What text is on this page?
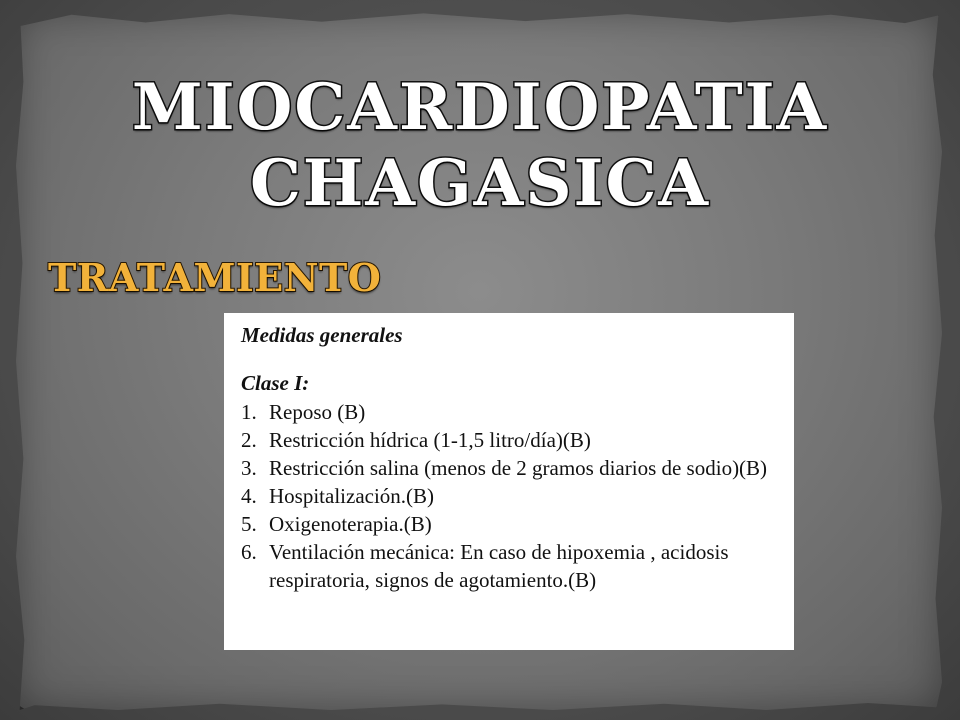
MIOCARDIOPATIA
CHAGASICA
TRATAMIENTO

Medidas generales

Clase I:

1. Reposo (B)
2. Restricción hídrica (1-1,5 litro/día)(B)
3. Restricción salina (menos de 2 gramos diarios de sodio)(B)
4. Hospitalización.(B)
5. Oxigenoterapia.(B)
6. Ventilación mecánica: En caso de hipoxemia , acidosis respiratoria, signos de agotamiento.(B)
